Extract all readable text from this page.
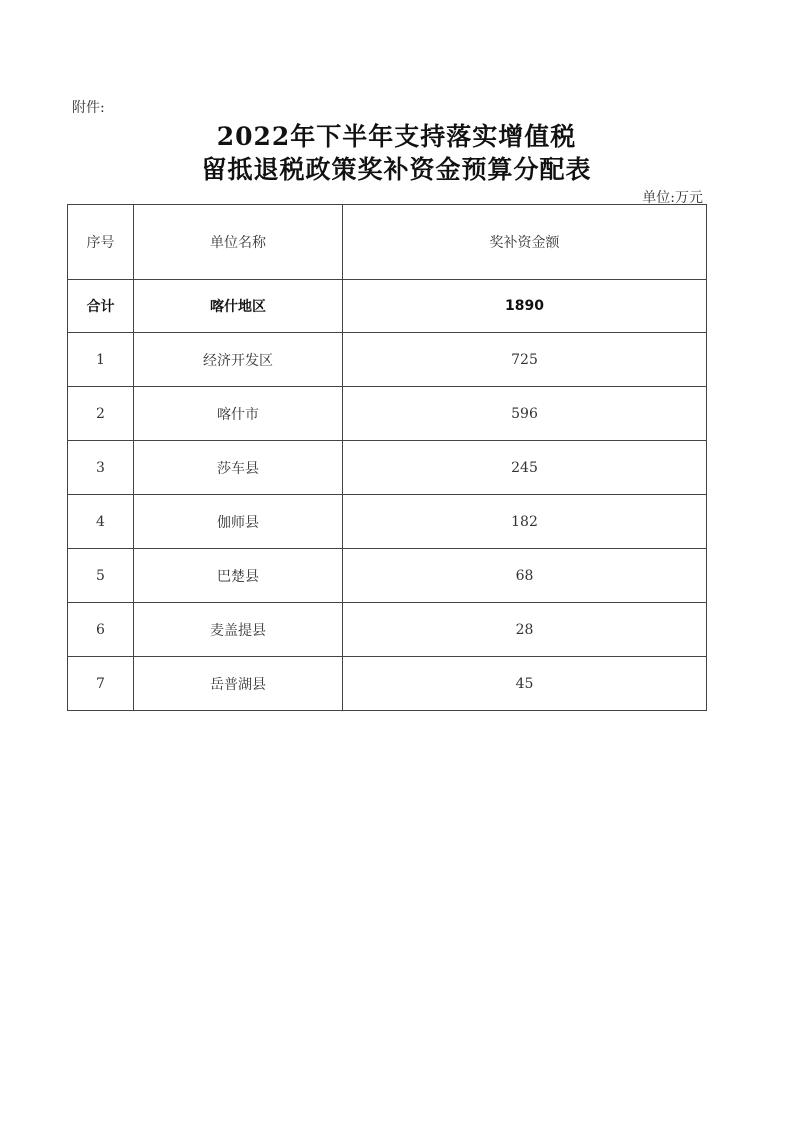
附件:
2022年下半年支持落实增值税
留抵退税政策奖补资金预算分配表
单位:万元
序号	单位名称	奖补资金额
合计	喀什地区	1890
1	经济开发区	725
2	喀什市	596
3	莎车县	245
4	伽师县	182
5	巴楚县	68
6	麦盖提县	28
7	岳普湖县	45
